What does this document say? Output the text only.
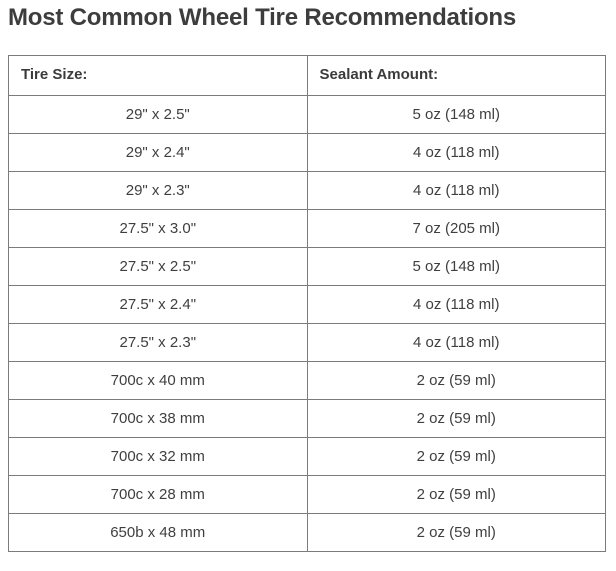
Most Common Wheel Tire Recommendations
Tire Size:	Sealant Amount:
29" x 2.5"	5 oz (148 ml)
29" x 2.4"	4 oz (118 ml)
29" x 2.3"	4 oz (118 ml)
27.5" x 3.0"	7 oz (205 ml)
27.5" x 2.5"	5 oz (148 ml)
27.5" x 2.4"	4 oz (118 ml)
27.5" x 2.3"	4 oz (118 ml)
700c x 40 mm	2 oz (59 ml)
700c x 38 mm	2 oz (59 ml)
700c x 32 mm	2 oz (59 ml)
700c x 28 mm	2 oz (59 ml)
650b x 48 mm	2 oz (59 ml)
